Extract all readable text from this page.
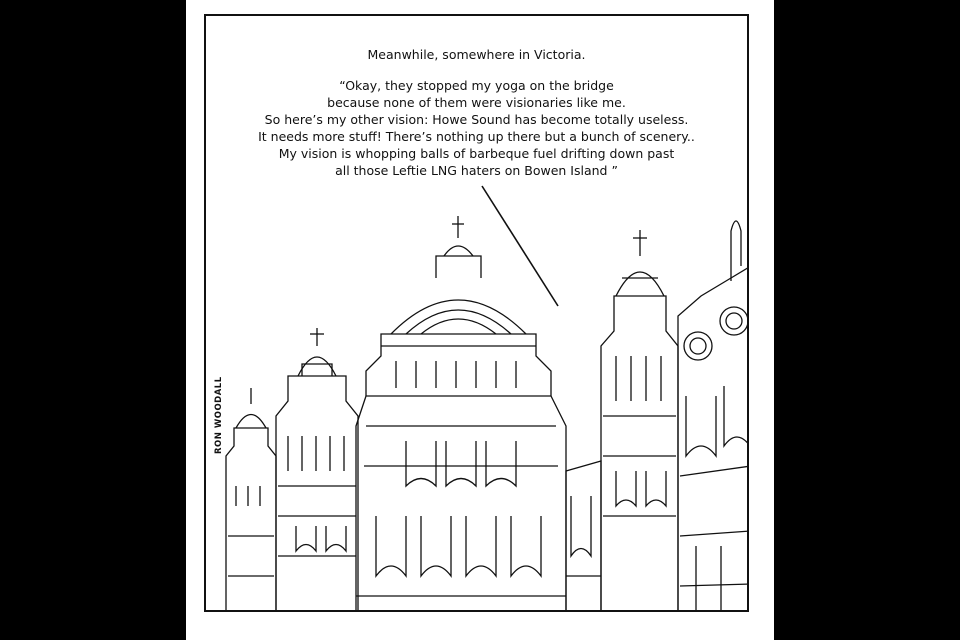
Meanwhile, somewhere in Victoria.
“Okay, they stopped my yoga on the bridge
because none of them were visionaries like me.
So here’s my other vision: Howe Sound has become totally useless.
It needs more stuff! There’s nothing up there but a bunch of scenery..
My vision is whopping balls of barbeque fuel drifting down past
all those Leftie LNG haters on Bowen Island ”
RON WOODALL
